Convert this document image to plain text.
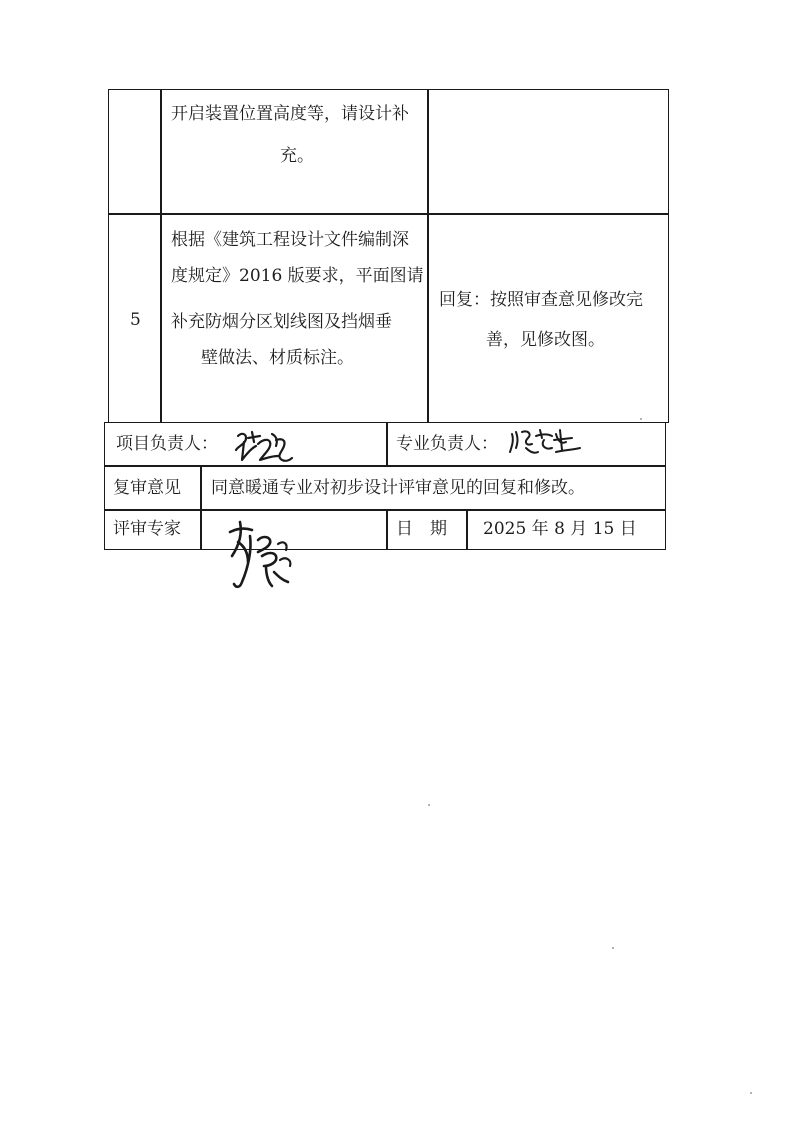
开启装置位置高度等，请设计补
充。
5
根据《建筑工程设计文件编制深
度规定》2016 版要求，平面图请
补充防烟分区划线图及挡烟垂
壁做法、材质标注。
回复：按照审查意见修改完
善，见修改图。
项目负责人：	专业负责人：
复审意见 同意暖通专业对初步设计评审意见的回复和修改。
评审专家	日　期 2025 年 8 月 15 日
